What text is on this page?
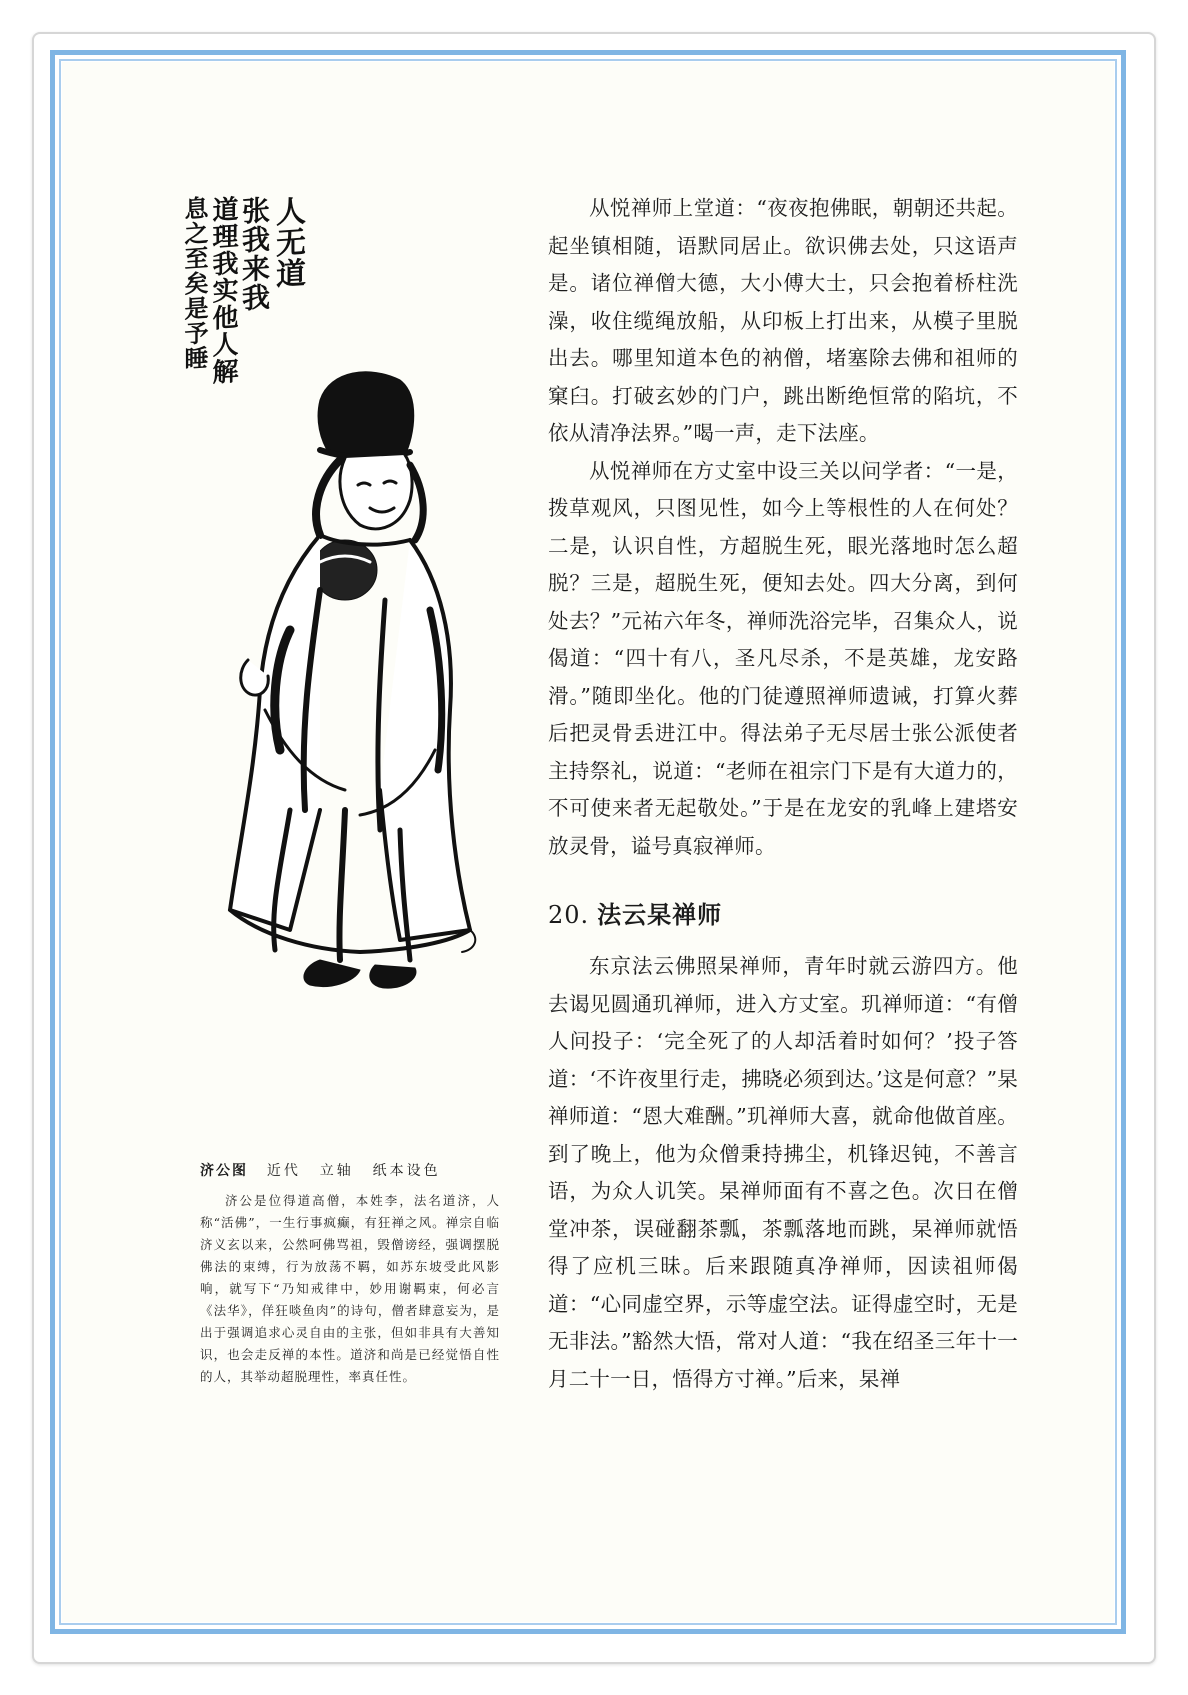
人无道
张我来我
道理我实他人解
息之至矣是予睡
济公图 近代 立轴 纸本设色
济公是位得道高僧，本姓李，法名道济，人称“活佛”，一生行事疯癫，有狂禅之风。禅宗自临济义玄以来，公然呵佛骂祖，毁僧谤经，强调摆脱佛法的束缚，行为放荡不羁，如苏东坡受此风影响，就写下“乃知戒律中，妙用谢羁束，何必言《法华》，佯狂啖鱼肉”的诗句，僧者肆意妄为，是出于强调追求心灵自由的主张，但如非具有大善知识，也会走反禅的本性。道济和尚是已经觉悟自性的人，其举动超脱理性，率真任性。

从悦禅师上堂道：“夜夜抱佛眠，朝朝还共起。起坐镇相随，语默同居止。欲识佛去处，只这语声是。诸位禅僧大德，大小傅大士，只会抱着桥柱洗澡，收住缆绳放船，从印板上打出来，从模子里脱出去。哪里知道本色的衲僧，堵塞除去佛和祖师的窠臼。打破玄妙的门户，跳出断绝恒常的陷坑，不依从清净法界。”喝一声，走下法座。

从悦禅师在方丈室中设三关以问学者：“一是，拨草观风，只图见性，如今上等根性的人在何处？二是，认识自性，方超脱生死，眼光落地时怎么超脱？三是，超脱生死，便知去处。四大分离，到何处去？”元祐六年冬，禅师洗浴完毕，召集众人，说偈道：“四十有八，圣凡尽杀，不是英雄，龙安路滑。”随即坐化。他的门徒遵照禅师遗诫，打算火葬后把灵骨丢进江中。得法弟子无尽居士张公派使者主持祭礼，说道：“老师在祖宗门下是有大道力的，不可使来者无起敬处。”于是在龙安的乳峰上建塔安放灵骨，谥号真寂禅师。

20. 法云杲禅师

东京法云佛照杲禅师，青年时就云游四方。他去谒见圆通玑禅师，进入方丈室。玑禅师道：“有僧人问投子：‘完全死了的人却活着时如何？’投子答道：‘不许夜里行走，拂晓必须到达。’这是何意？”杲禅师道：“恩大难酬。”玑禅师大喜，就命他做首座。到了晚上，他为众僧秉持拂尘，机锋迟钝，不善言语，为众人讥笑。杲禅师面有不喜之色。次日在僧堂冲茶，误碰翻茶瓢，茶瓢落地而跳，杲禅师就悟得了应机三昧。后来跟随真净禅师，因读祖师偈道：“心同虚空界，示等虚空法。证得虚空时，无是无非法。”豁然大悟，常对人道：“我在绍圣三年十一月二十一日，悟得方寸禅。”后来，杲禅
